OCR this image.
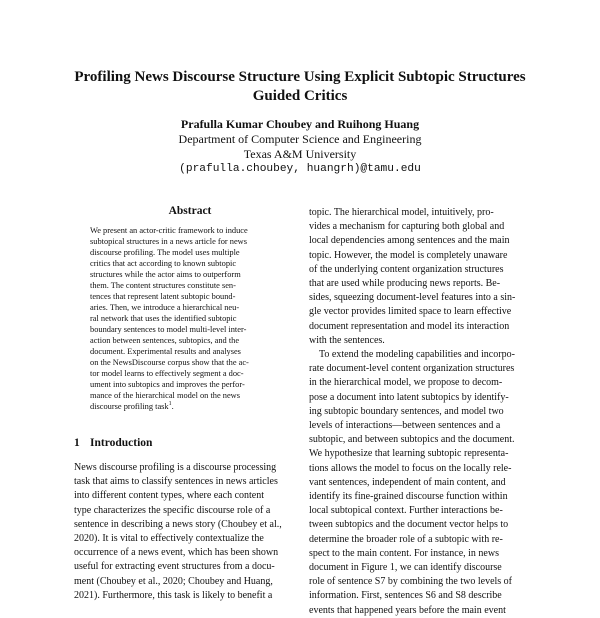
Profiling News Discourse Structure Using Explicit Subtopic Structures
Guided Critics
Prafulla Kumar Choubey and Ruihong Huang
Department of Computer Science and Engineering
Texas A&M University
(prafulla.choubey, huangrh)@tamu.edu
Abstract
We present an actor-critic framework to induce
subtopical structures in a news article for news
discourse profiling. The model uses multiple
critics that act according to known subtopic
structures while the actor aims to outperform
them. The content structures constitute sen-
tences that represent latent subtopic bound-
aries. Then, we introduce a hierarchical neu-
ral network that uses the identified subtopic
boundary sentences to model multi-level inter-
action between sentences, subtopics, and the
document. Experimental results and analyses
on the NewsDiscourse corpus show that the ac-
tor model learns to effectively segment a doc-
ument into subtopics and improves the perfor-
mance of the hierarchical model on the news
discourse profiling task$^1$.
1 Introduction
News discourse profiling is a discourse processing
task that aims to classify sentences in news articles
into different content types, where each content
type characterizes the specific discourse role of a
sentence in describing a news story (Choubey et al.,
2020). It is vital to effectively contextualize the
occurrence of a news event, which has been shown
useful for extracting event structures from a docu-
ment (Choubey et al., 2020; Choubey and Huang,
2021). Furthermore, this task is likely to benefit a
topic. The hierarchical model, intuitively, pro-
vides a mechanism for capturing both global and
local dependencies among sentences and the main
topic. However, the model is completely unaware
of the underlying content organization structures
that are used while producing news reports. Be-
sides, squeezing document-level features into a sin-
gle vector provides limited space to learn effective
document representation and model its interaction
with the sentences.
To extend the modeling capabilities and incorpo-
rate document-level content organization structures
in the hierarchical model, we propose to decom-
pose a document into latent subtopics by identify-
ing subtopic boundary sentences, and model two
levels of interactions—between sentences and a
subtopic, and between subtopics and the document.
We hypothesize that learning subtopic representa-
tions allows the model to focus on the locally rele-
vant sentences, independent of main content, and
identify its fine-grained discourse function within
local subtopical context. Further interactions be-
tween subtopics and the document vector helps to
determine the broader role of a subtopic with re-
spect to the main content. For instance, in news
document in Figure 1, we can identify discourse
role of sentence S7 by combining the two levels of
information. First, sentences S6 and S8 describe
events that happened years before the main event
